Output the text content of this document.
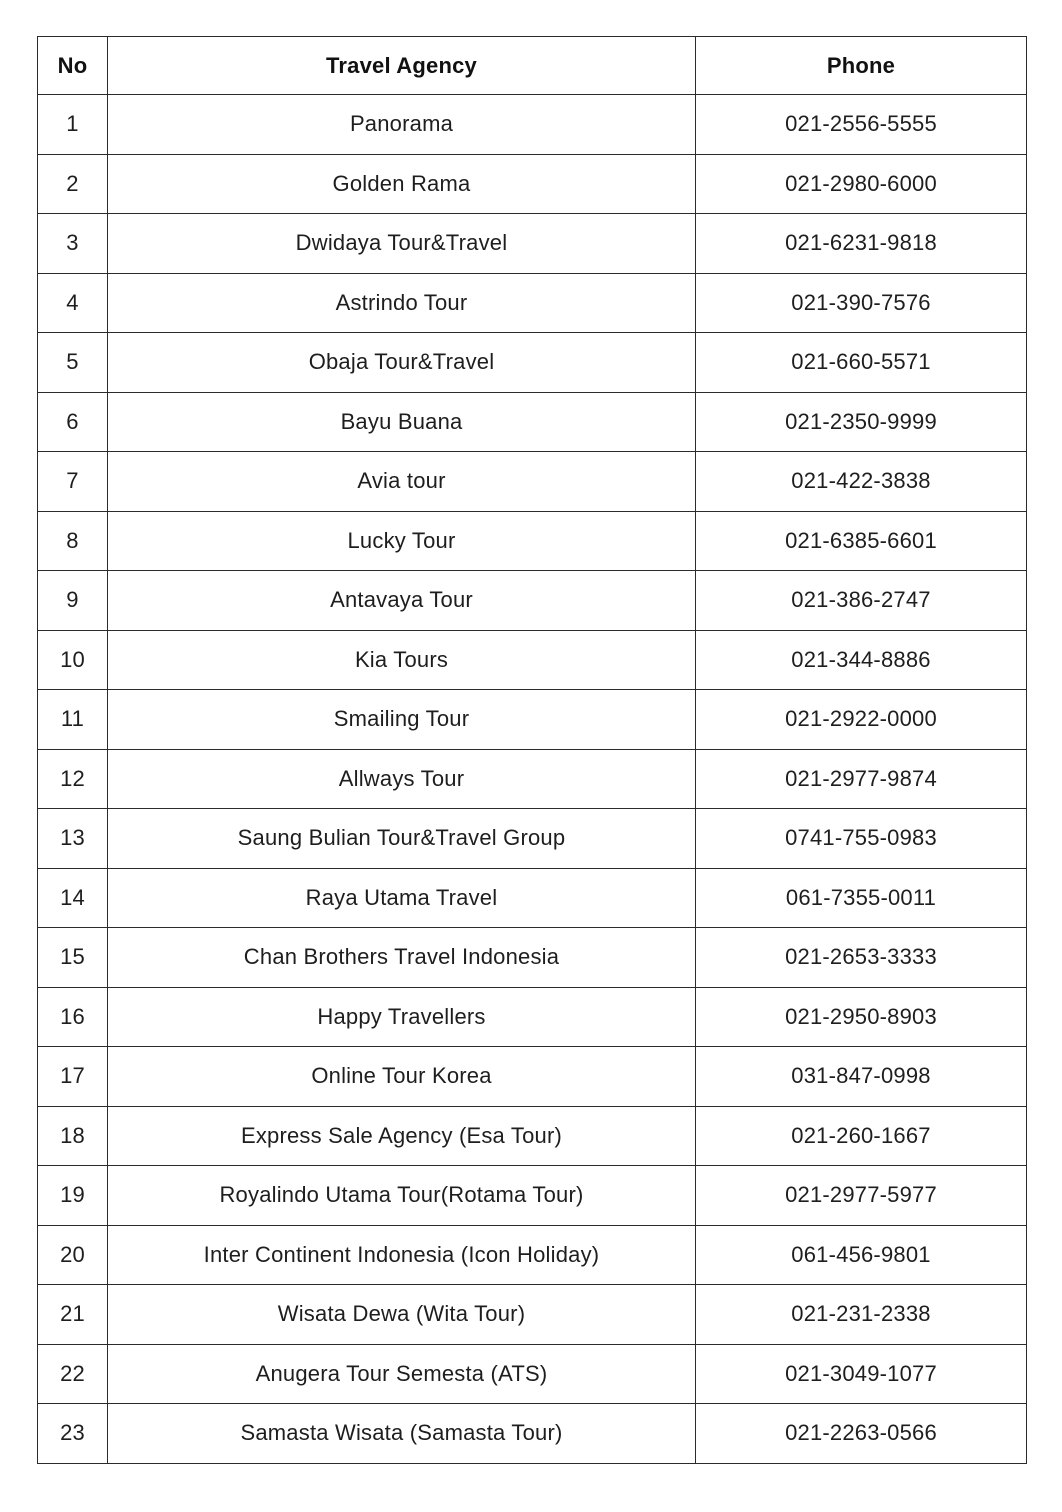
No	Travel Agency	Phone
1	Panorama	021-2556-5555
2	Golden Rama	021-2980-6000
3	Dwidaya Tour&Travel	021-6231-9818
4	Astrindo Tour	021-390-7576
5	Obaja Tour&Travel	021-660-5571
6	Bayu Buana	021-2350-9999
7	Avia tour	021-422-3838
8	Lucky Tour	021-6385-6601
9	Antavaya Tour	021-386-2747
10	Kia Tours	021-344-8886
11	Smailing Tour	021-2922-0000
12	Allways Tour	021-2977-9874
13	Saung Bulian Tour&Travel Group	0741-755-0983
14	Raya Utama Travel	061-7355-0011
15	Chan Brothers Travel Indonesia	021-2653-3333
16	Happy Travellers	021-2950-8903
17	Online Tour Korea	031-847-0998
18	Express Sale Agency (Esa Tour)	021-260-1667
19	Royalindo Utama Tour(Rotama Tour)	021-2977-5977
20	Inter Continent Indonesia (Icon Holiday)	061-456-9801
21	Wisata Dewa (Wita Tour)	021-231-2338
22	Anugera Tour Semesta (ATS)	021-3049-1077
23	Samasta Wisata (Samasta Tour)	021-2263-0566
